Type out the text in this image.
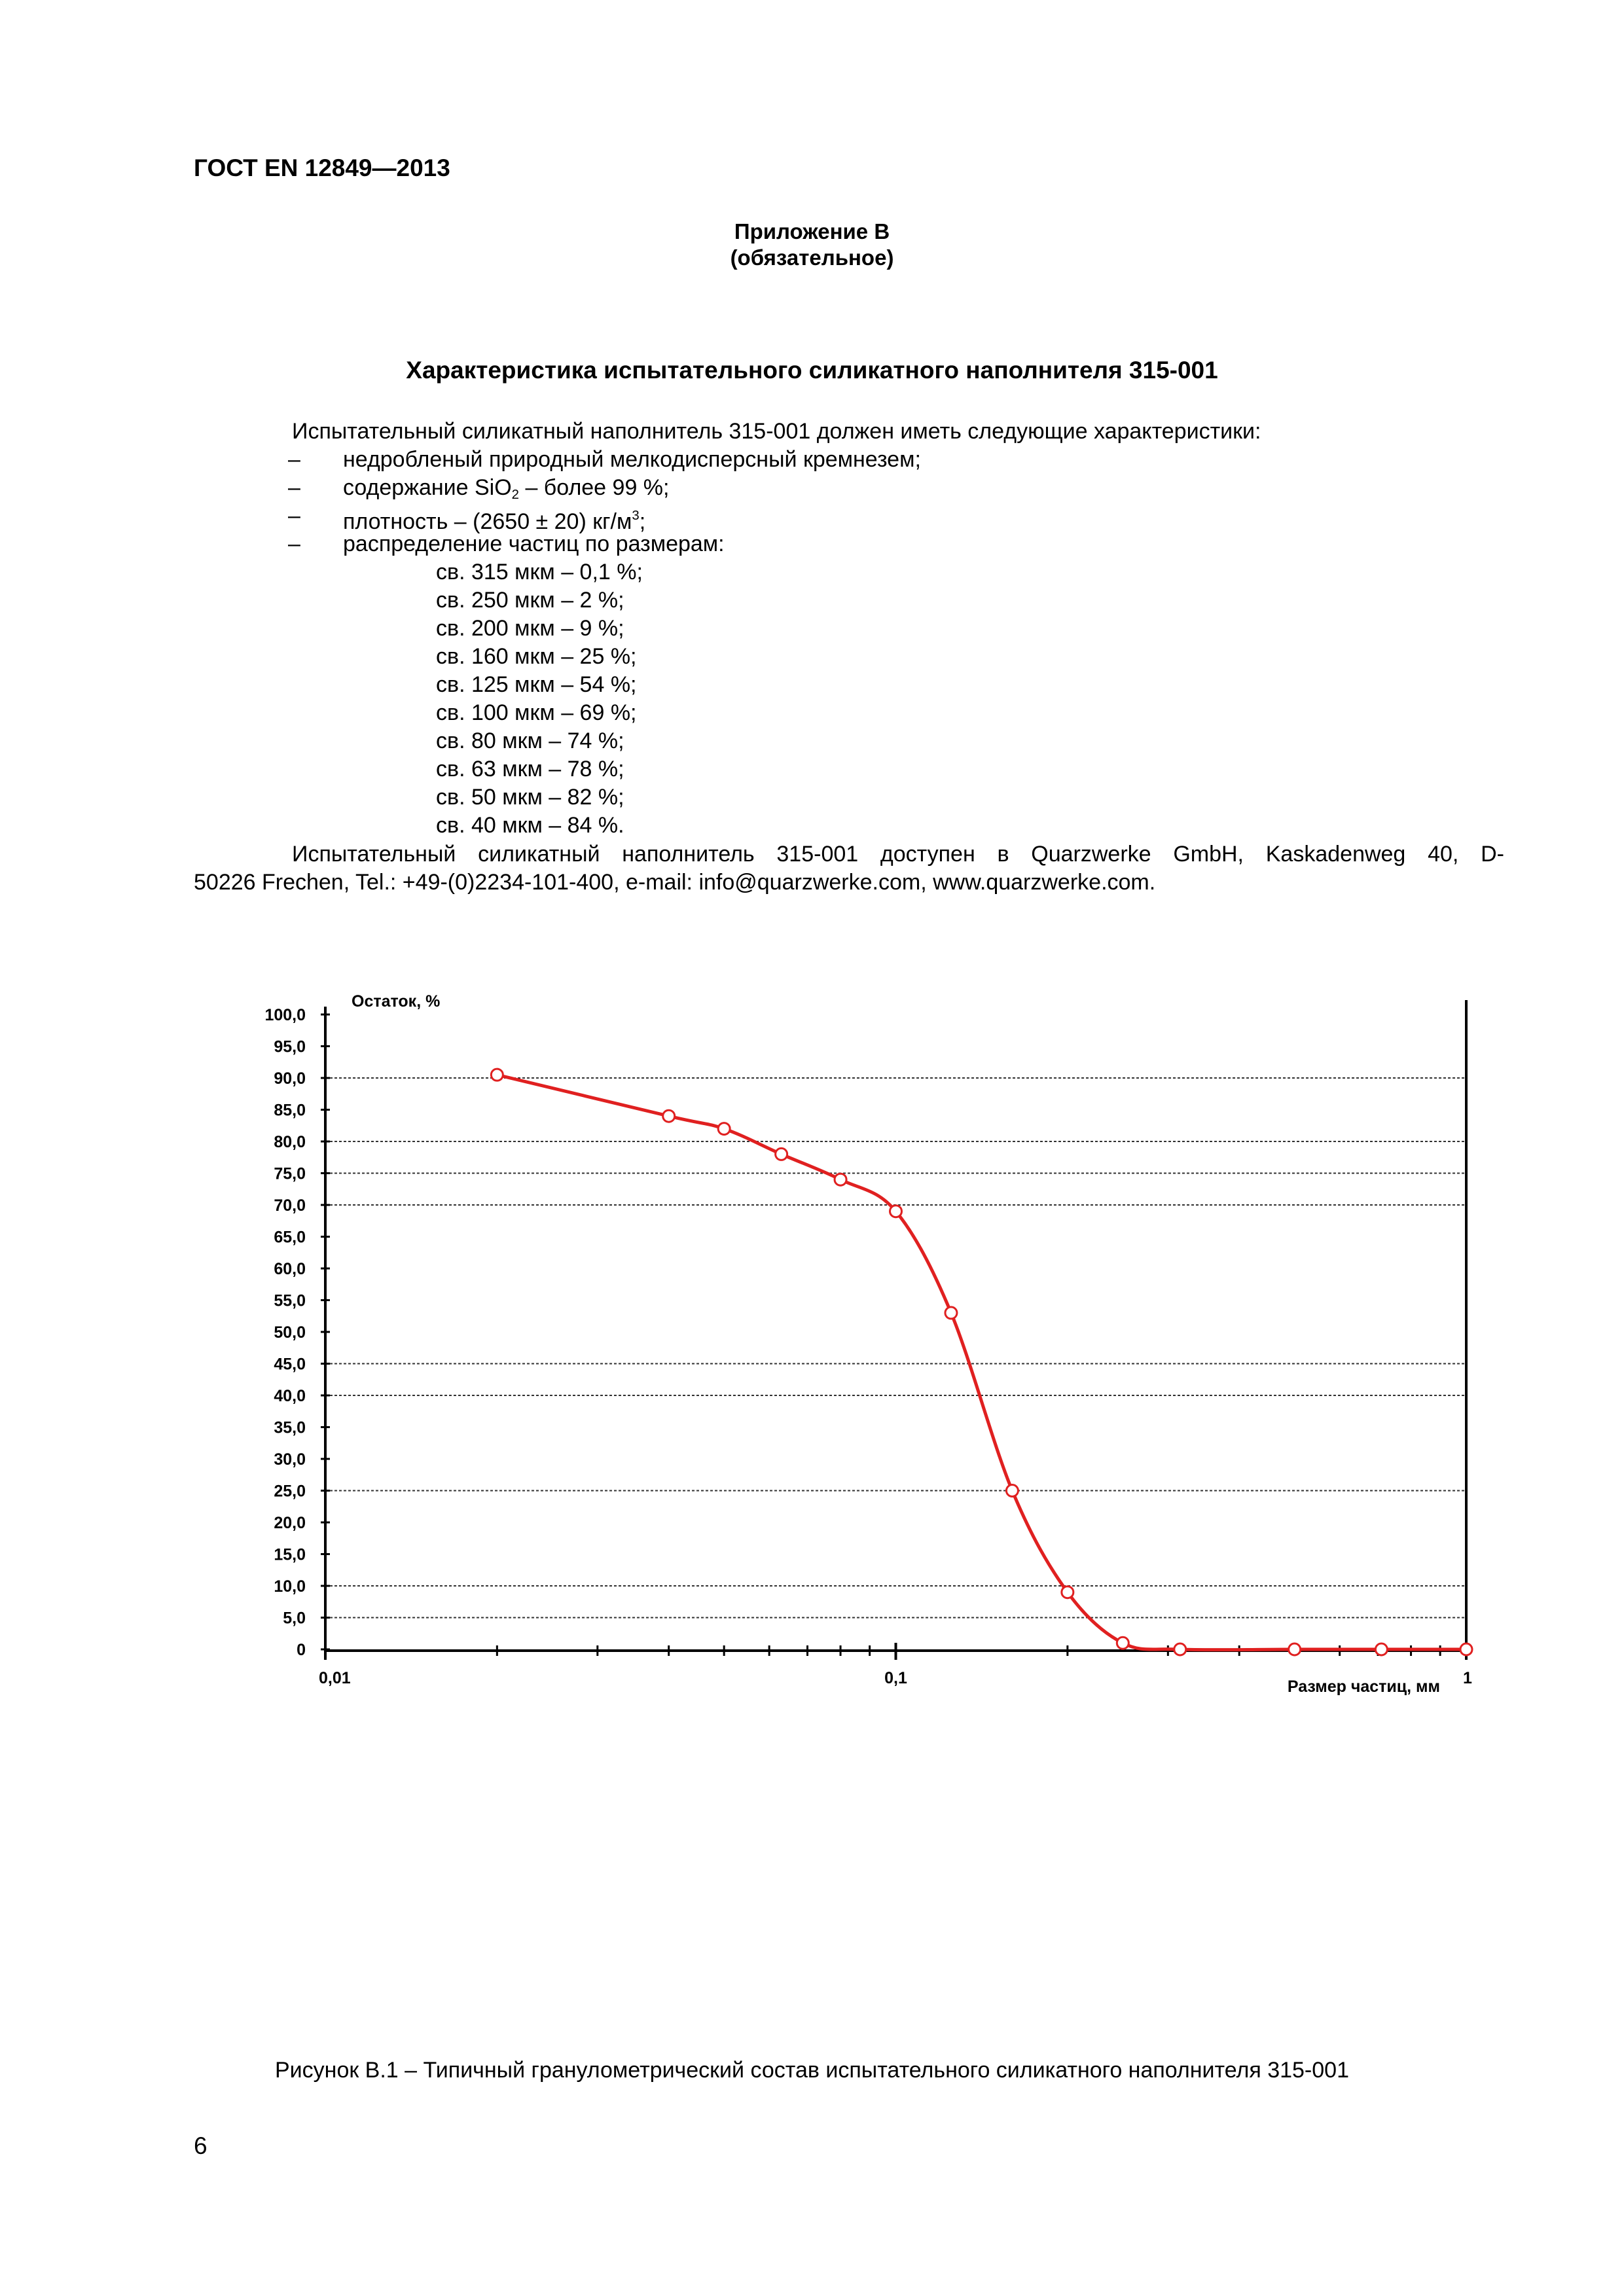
ГОСТ EN 12849—2013
Приложение В
(обязательное)
Характеристика испытательного силикатного наполнителя 315-001
Испытательный силикатный наполнитель 315-001 должен иметь следующие характеристики:
–	недробленый природный мелкодисперсный кремнезем;
–	содержание SiO$_2$ – более 99 %;
–	плотность – (2650 ± 20) $кг/м^3$;
–	распределение частиц по размерам:
св. 315 мкм – 0,1 %;
св. 250 мкм – 2 %;
св. 200 мкм – 9 %;
св. 160 мкм – 25 %;
св. 125 мкм – 54 %;
св. 100 мкм – 69 %;
св. 80 мкм – 74 %;
св. 63 мкм – 78 %;
св. 50 мкм – 82 %;
св. 40 мкм – 84 %.
Испытательный силикатный наполнитель 315-001 доступен в Quarzwerke GmbH, Kaskadenweg 40, D-
50226 Frechen, Tel.: +49-(0)2234-101-400, e-mail: info@quarzwerke.com, www.quarzwerke.com.
100,0
95,0
90,0
85,0
80,0
75,0
70,0
65,0
60,0
55,0
50,0
45,0
40,0
35,0
30,0
25,0
20,0
15,0
10,0
5,0
0
0,01	0,1	1
Остаток, %
Размер частиц, мм
Рисунок В.1 – Типичный гранулометрический состав испытательного силикатного наполнителя 315-001
6
